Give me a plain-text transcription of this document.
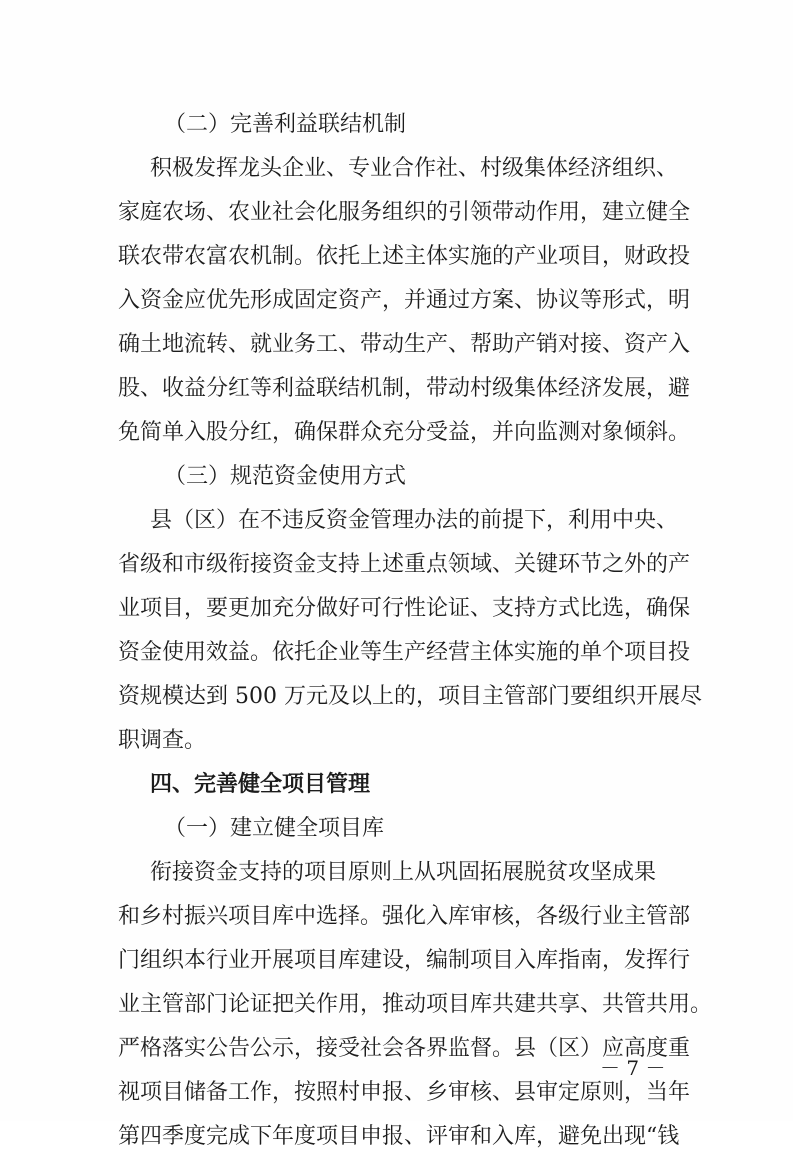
（二）完善利益联结机制
积极发挥龙头企业、专业合作社、村级集体经济组织、
家庭农场、农业社会化服务组织的引领带动作用，建立健全
联农带农富农机制。依托上述主体实施的产业项目，财政投
入资金应优先形成固定资产，并通过方案、协议等形式，明
确土地流转、就业务工、带动生产、帮助产销对接、资产入
股、收益分红等利益联结机制，带动村级集体经济发展，避
免简单入股分红，确保群众充分受益，并向监测对象倾斜。
（三）规范资金使用方式
县（区）在不违反资金管理办法的前提下，利用中央、
省级和市级衔接资金支持上述重点领域、关键环节之外的产
业项目，要更加充分做好可行性论证、支持方式比选，确保
资金使用效益。依托企业等生产经营主体实施的单个项目投
资规模达到 500 万元及以上的，项目主管部门要组织开展尽
职调查。
四、完善健全项目管理
（一）建立健全项目库
衔接资金支持的项目原则上从巩固拓展脱贫攻坚成果
和乡村振兴项目库中选择。强化入库审核，各级行业主管部
门组织本行业开展项目库建设，编制项目入库指南，发挥行
业主管部门论证把关作用，推动项目库共建共享、共管共用。
严格落实公告公示，接受社会各界监督。县（区）应高度重
视项目储备工作，按照村申报、乡审核、县审定原则，当年
第四季度完成下年度项目申报、评审和入库，避免出现“钱
－ 7 －
